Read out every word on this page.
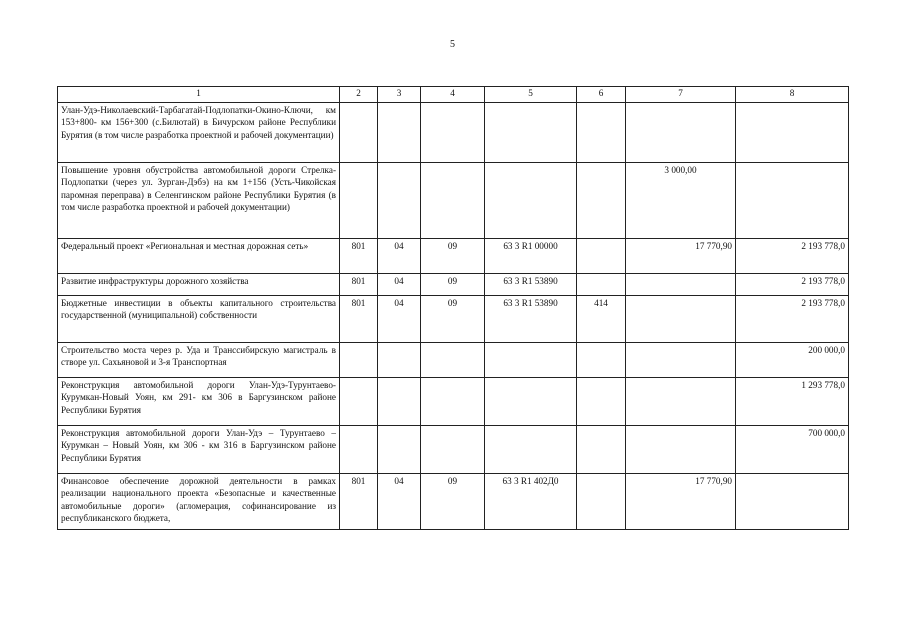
5
1	2	3	4	5	6	7	8
Улан-Удэ-Николаевский-Тарбагатай-Подлопатки-Окино-Ключи, км 153+800- км 156+300 (с.Билютай) в Бичурском районе Республики Бурятия (в том числе разработка проектной и рабочей документации)							
Повышение уровня обустройства автомобильной дороги Стрелка-Подлопатки (через ул. Зурган-Дэбэ) на км 1+156 (Усть-Чикойская паромная переправа) в Селенгинском районе Республики Бурятия (в том числе разработка проектной и рабочей документации)						3 000,00	
Федеральный проект «Региональная и местная дорожная сеть»	801	04	09	63 3 R1 00000		17 770,90	2 193 778,0
Развитие инфраструктуры дорожного хозяйства	801	04	09	63 3 R1 53890			2 193 778,0
Бюджетные инвестиции в объекты капитального строительства государственной (муниципальной) собственности	801	04	09	63 3 R1 53890	414		2 193 778,0
Строительство моста через р. Уда и Транссибирскую магистраль в створе ул. Сахьяновой и 3-я Транспортная							200 000,0
Реконструкция автомобильной дороги Улан-Удэ-Турунтаево-Курумкан-Новый Уоян, км 291- км 306 в Баргузинском районе Республики Бурятия							1 293 778,0
Реконструкция автомобильной дороги Улан-Удэ – Турунтаево – Курумкан – Новый Уоян, км 306 - км 316 в Баргузинском районе Республики Бурятия							700 000,0
Финансовое обеспечение дорожной деятельности в рамках реализации национального проекта «Безопасные и качественные автомобильные дороги» (агломерация, софинансирование из республиканского бюджета,	801	04	09	63 3 R1 402Д0		17 770,90	
